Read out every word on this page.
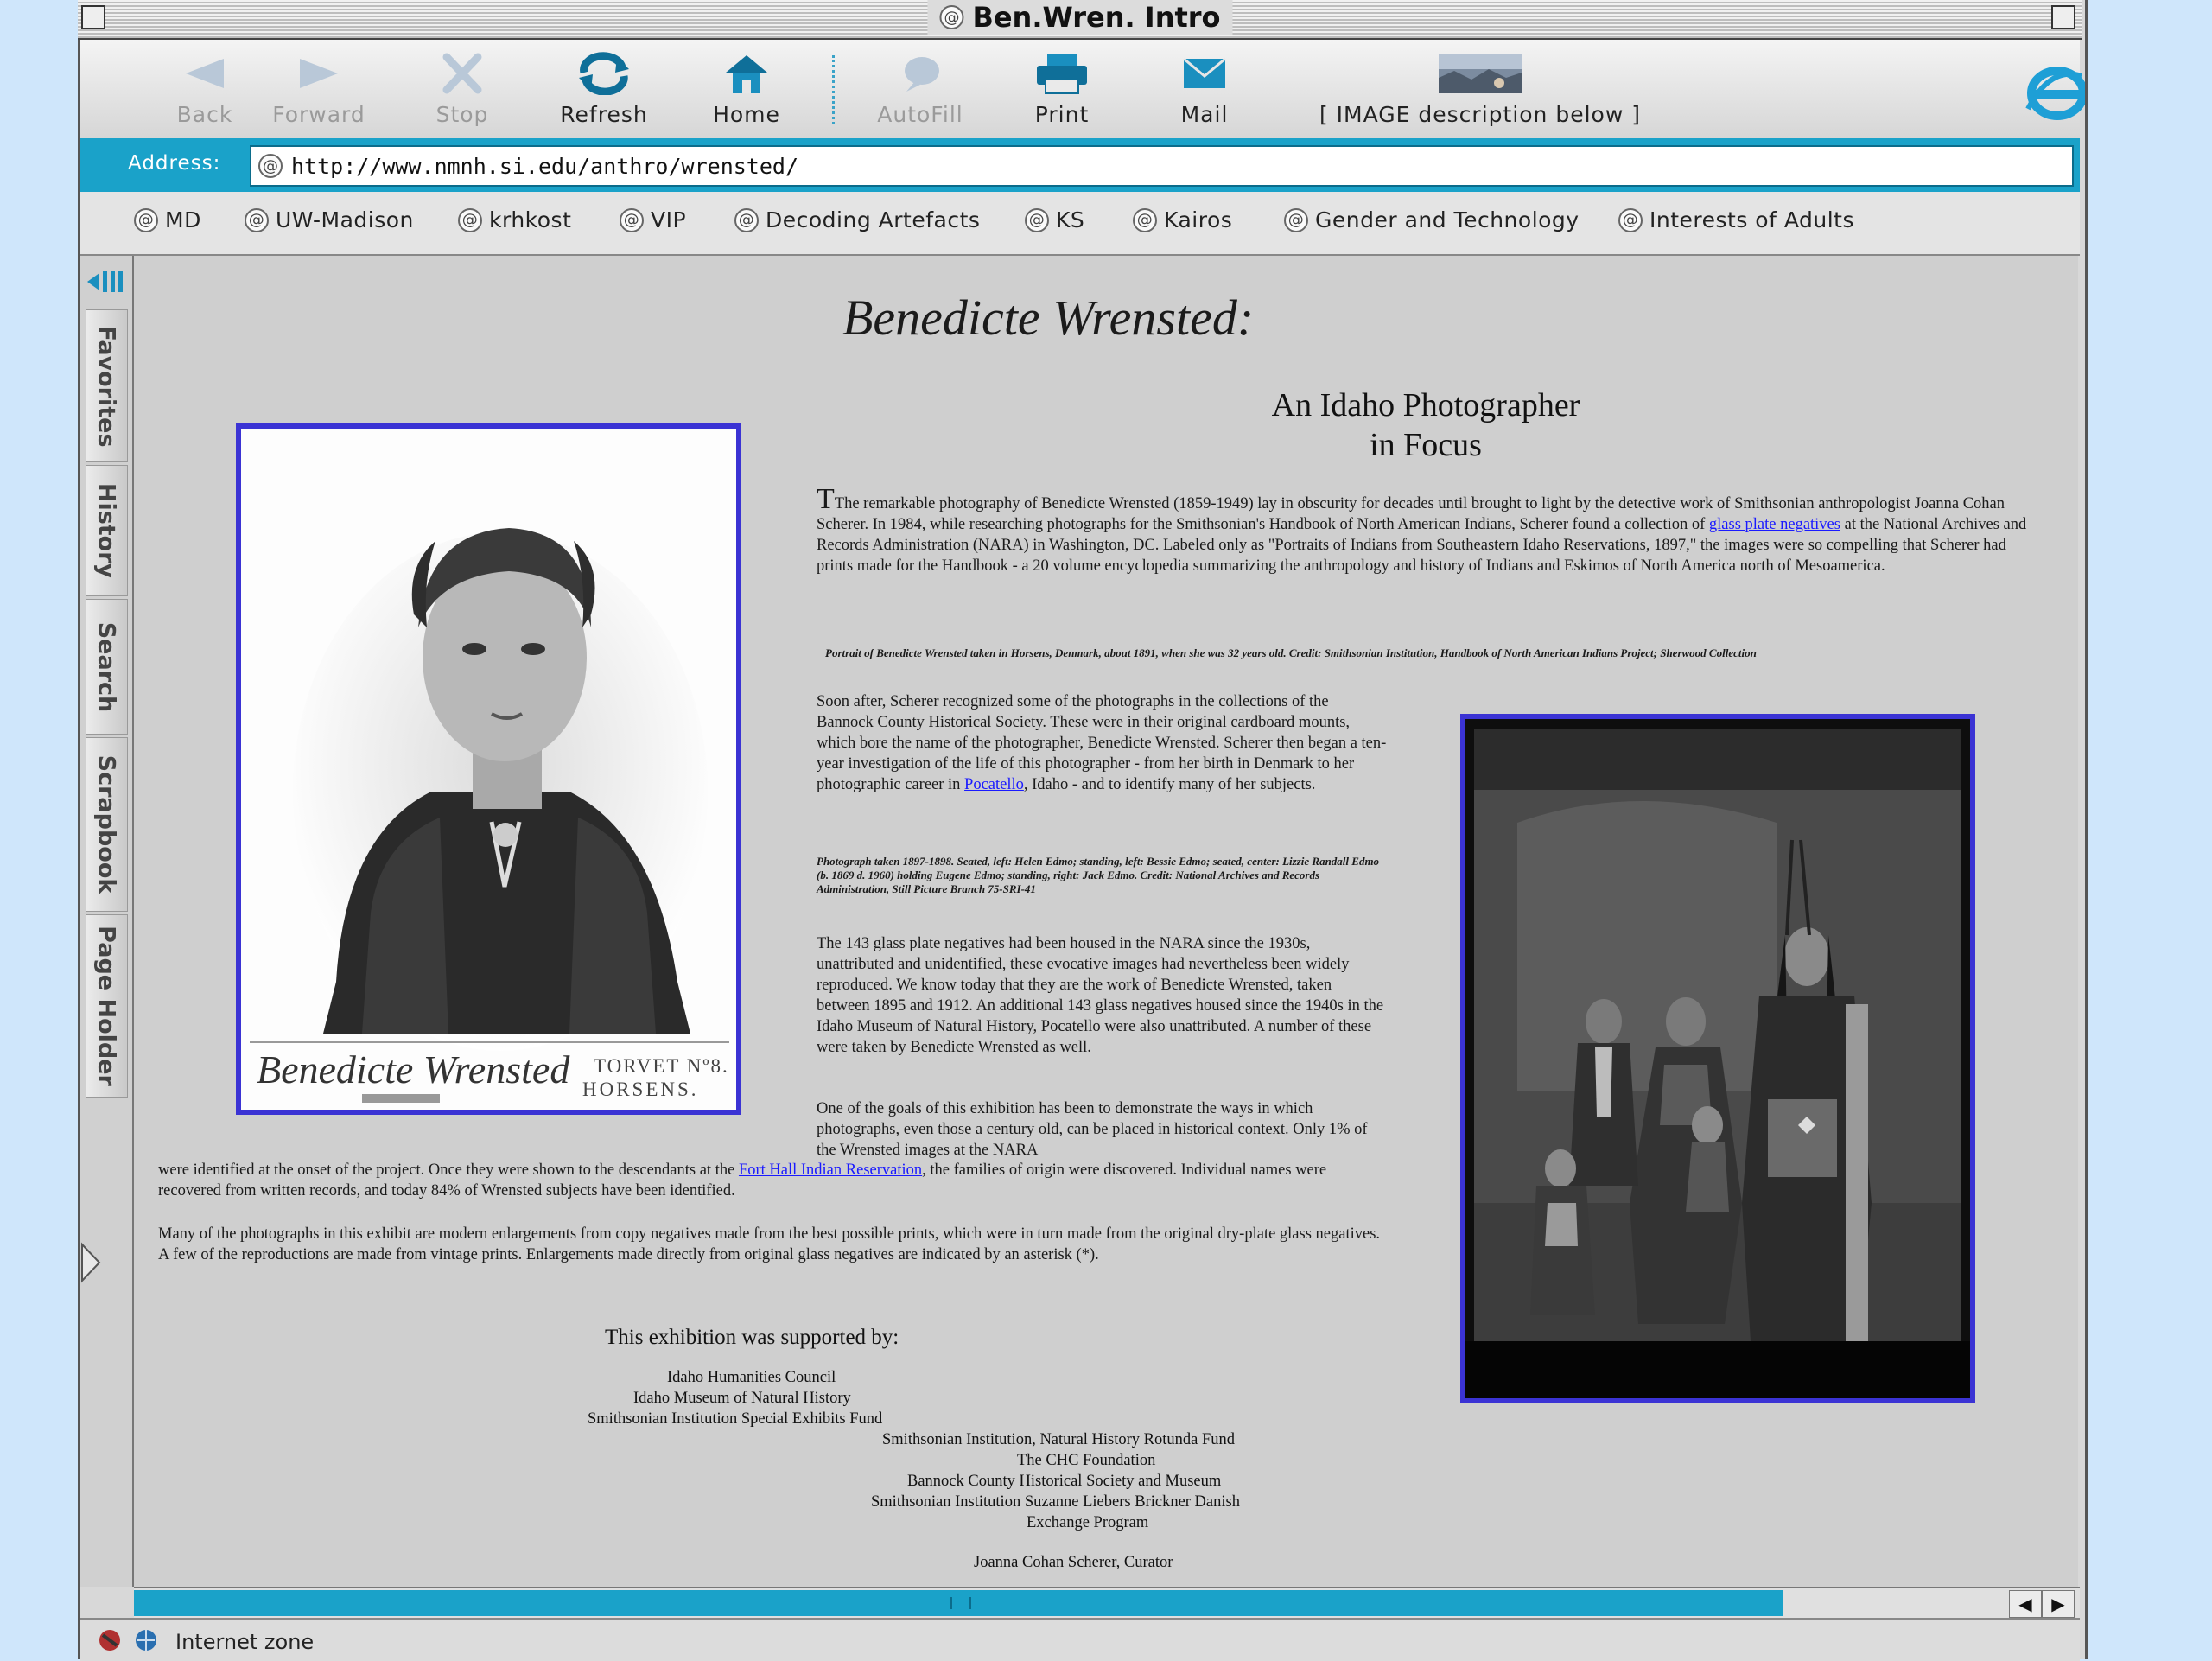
@ Ben.Wren. Intro
Back	Forward	Stop	Refresh	Home	AutoFill	Print	Mail	[ IMAGE description below ]
Address:	@ http://www.nmnh.si.edu/anthro/wrensted/	›
@ MD	@ UW-Madison	@ krhkost	@ VIP	@ Decoding Artefacts	@ KS	@ Kairos	@ Gender and Technology	@ Interests of Adults
Favorites
History
Search
Scrapbook
Page Holder
Benedicte Wrensted:
An Idaho Photographer
in Focus
Benedicte Wrensted TORVET Nº8.
HORSENS.
TThe remarkable photography of Benedicte Wrensted (1859-1949) lay in obscurity for decades until brought to light by the detective work of Smithsonian anthropologist Joanna Cohan Scherer. In 1984, while researching photographs for the Smithsonian's Handbook of North American Indians, Scherer found a collection of glass plate negatives at the National Archives and Records Administration (NARA) in Washington, DC. Labeled only as "Portraits of Indians from Southeastern Idaho Reservations, 1897," the images were so compelling that Scherer had prints made for the Handbook - a 20 volume encyclopedia summarizing the anthropology and history of Indians and Eskimos of North America north of Mesoamerica.
Portrait of Benedicte Wrensted taken in Horsens, Denmark, about 1891, when she was 32 years old. Credit: Smithsonian Institution, Handbook of North American Indians Project; Sherwood Collection
Soon after, Scherer recognized some of the photographs in the collections of the Bannock County Historical Society. These were in their original cardboard mounts, which bore the name of the photographer, Benedicte Wrensted. Scherer then began a ten-year investigation of the life of this photographer - from her birth in Denmark to her photographic career in Pocatello, Idaho - and to identify many of her subjects.
Photograph taken 1897-1898. Seated, left: Helen Edmo; standing, left: Bessie Edmo; seated, center: Lizzie Randall Edmo (b. 1869 d. 1960) holding Eugene Edmo; standing, right: Jack Edmo. Credit: National Archives and Records Administration, Still Picture Branch 75-SRI-41
The 143 glass plate negatives had been housed in the NARA since the 1930s, unattributed and unidentified, these evocative images had nevertheless been widely reproduced. We know today that they are the work of Benedicte Wrensted, taken between 1895 and 1912. An additional 143 glass negatives housed since the 1940s in the Idaho Museum of Natural History, Pocatello were also unattributed. A number of these were taken by Benedicte Wrensted as well.
One of the goals of this exhibition has been to demonstrate the ways in which photographs, even those a century old, can be placed in historical context. Only 1% of the Wrensted images at the NARA
were identified at the onset of the project. Once they were shown to the descendants at the Fort Hall Indian Reservation, the families of origin were discovered. Individual names were recovered from written records, and today 84% of Wrensted subjects have been identified.
Many of the photographs in this exhibit are modern enlargements from copy negatives made from the best possible prints, which were in turn made from the original dry-plate glass negatives. A few of the reproductions are made from vintage prints. Enlargements made directly from original glass negatives are indicated by an asterisk (*).
This exhibition was supported by:
Idaho Humanities Council
Idaho Museum of Natural History
Smithsonian Institution Special Exhibits Fund
Smithsonian Institution, Natural History Rotunda Fund
The CHC Foundation
Bannock County Historical Society and Museum
Smithsonian Institution Suzanne Liebers Brickner Danish
Exchange Program
Joanna Cohan Scherer, Curator
◀ ▶
Internet zone
